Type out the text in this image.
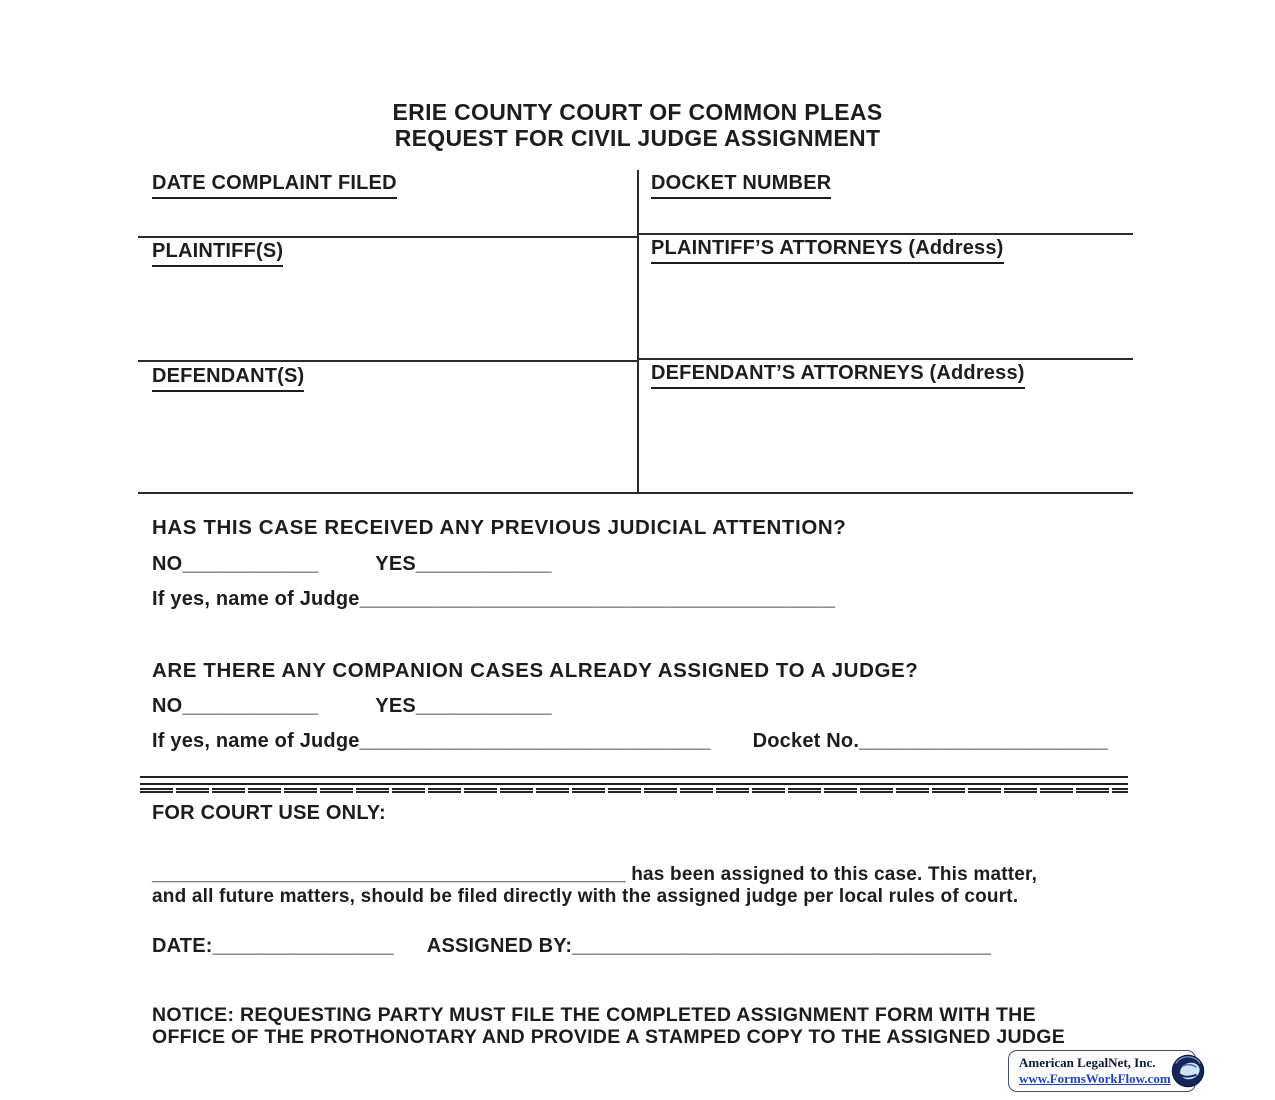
ERIE COUNTY COURT OF COMMON PLEAS
REQUEST FOR CIVIL JUDGE ASSIGNMENT
DATE COMPLAINT FILED	DOCKET NUMBER
PLAINTIFF(S)	PLAINTIFF’S ATTORNEYS (Address)
DEFENDANT(S)	DEFENDANT’S ATTORNEYS (Address)
HAS THIS CASE RECEIVED ANY PREVIOUS JUDICIAL ATTENTION?
NO____________	YES____________
If yes, name of Judge__________________________________________
ARE THERE ANY COMPANION CASES ALREADY ASSIGNED TO A JUDGE?
NO____________	YES____________
If yes, name of Judge_______________________________ Docket No.______________________
FOR COURT USE ONLY:
____________________________________________ has been assigned to this case. This matter,
and all future matters, should be filed directly with the assigned judge per local rules of court.
DATE:________________ ASSIGNED BY:_____________________________________
NOTICE: REQUESTING PARTY MUST FILE THE COMPLETED ASSIGNMENT FORM WITH THE
OFFICE OF THE PROTHONOTARY AND PROVIDE A STAMPED COPY TO THE ASSIGNED JUDGE
American LegalNet, Inc.
www.FormsWorkFlow.com
